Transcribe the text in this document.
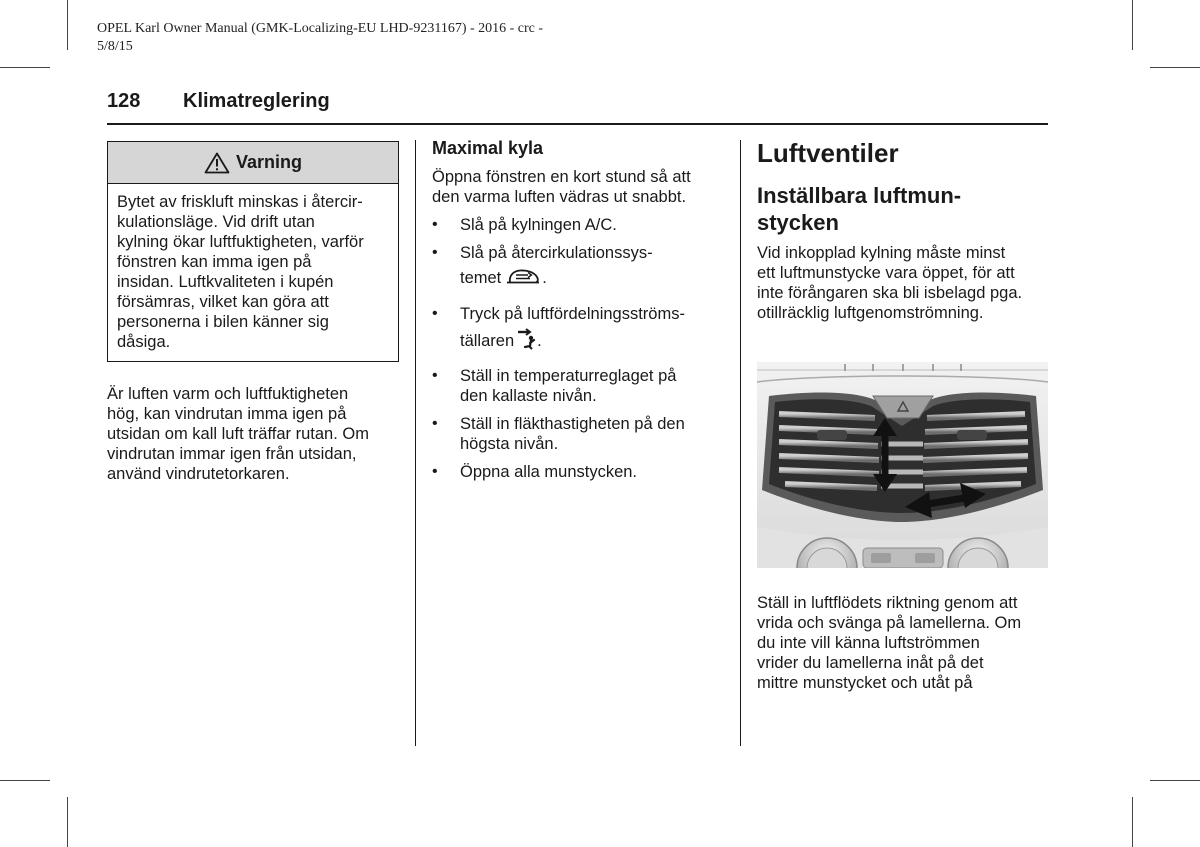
OPEL Karl Owner Manual (GMK-Localizing-EU LHD-9231167) - 2016 - crc -
5/8/15
128 Klimatreglering
Varning
Bytet av friskluft minskas i återcir-
kulationsläge. Vid drift utan
kylning ökar luftfuktigheten, varför
fönstren kan imma igen på
insidan. Luftkvaliteten i kupén
försämras, vilket kan göra att
personerna i bilen känner sig
dåsiga.
Är luften varm och luftfuktigheten
hög, kan vindrutan imma igen på
utsidan om kall luft träffar rutan. Om
vindrutan immar igen från utsidan,
använd vindrutetorkaren.
Maximal kyla
Öppna fönstren en kort stund så att
den varma luften vädras ut snabbt.
• Slå på kylningen A/C.
• Slå på återcirkulationssys-
temet .
• Tryck på luftfördelningsströms-
tällaren .
• Ställ in temperaturreglaget på
den kallaste nivån.
• Ställ in fläkthastigheten på den
högsta nivån.
• Öppna alla munstycken.
Luftventiler
Inställbara luftmun-
stycken
Vid inkopplad kylning måste minst
ett luftmunstycke vara öppet, för att
inte förångaren ska bli isbelagd pga.
otillräcklig luftgenomströmning.
Ställ in luftflödets riktning genom att
vrida och svänga på lamellerna. Om
du inte vill känna luftströmmen
vrider du lamellerna inåt på det
mittre munstycket och utåt på
